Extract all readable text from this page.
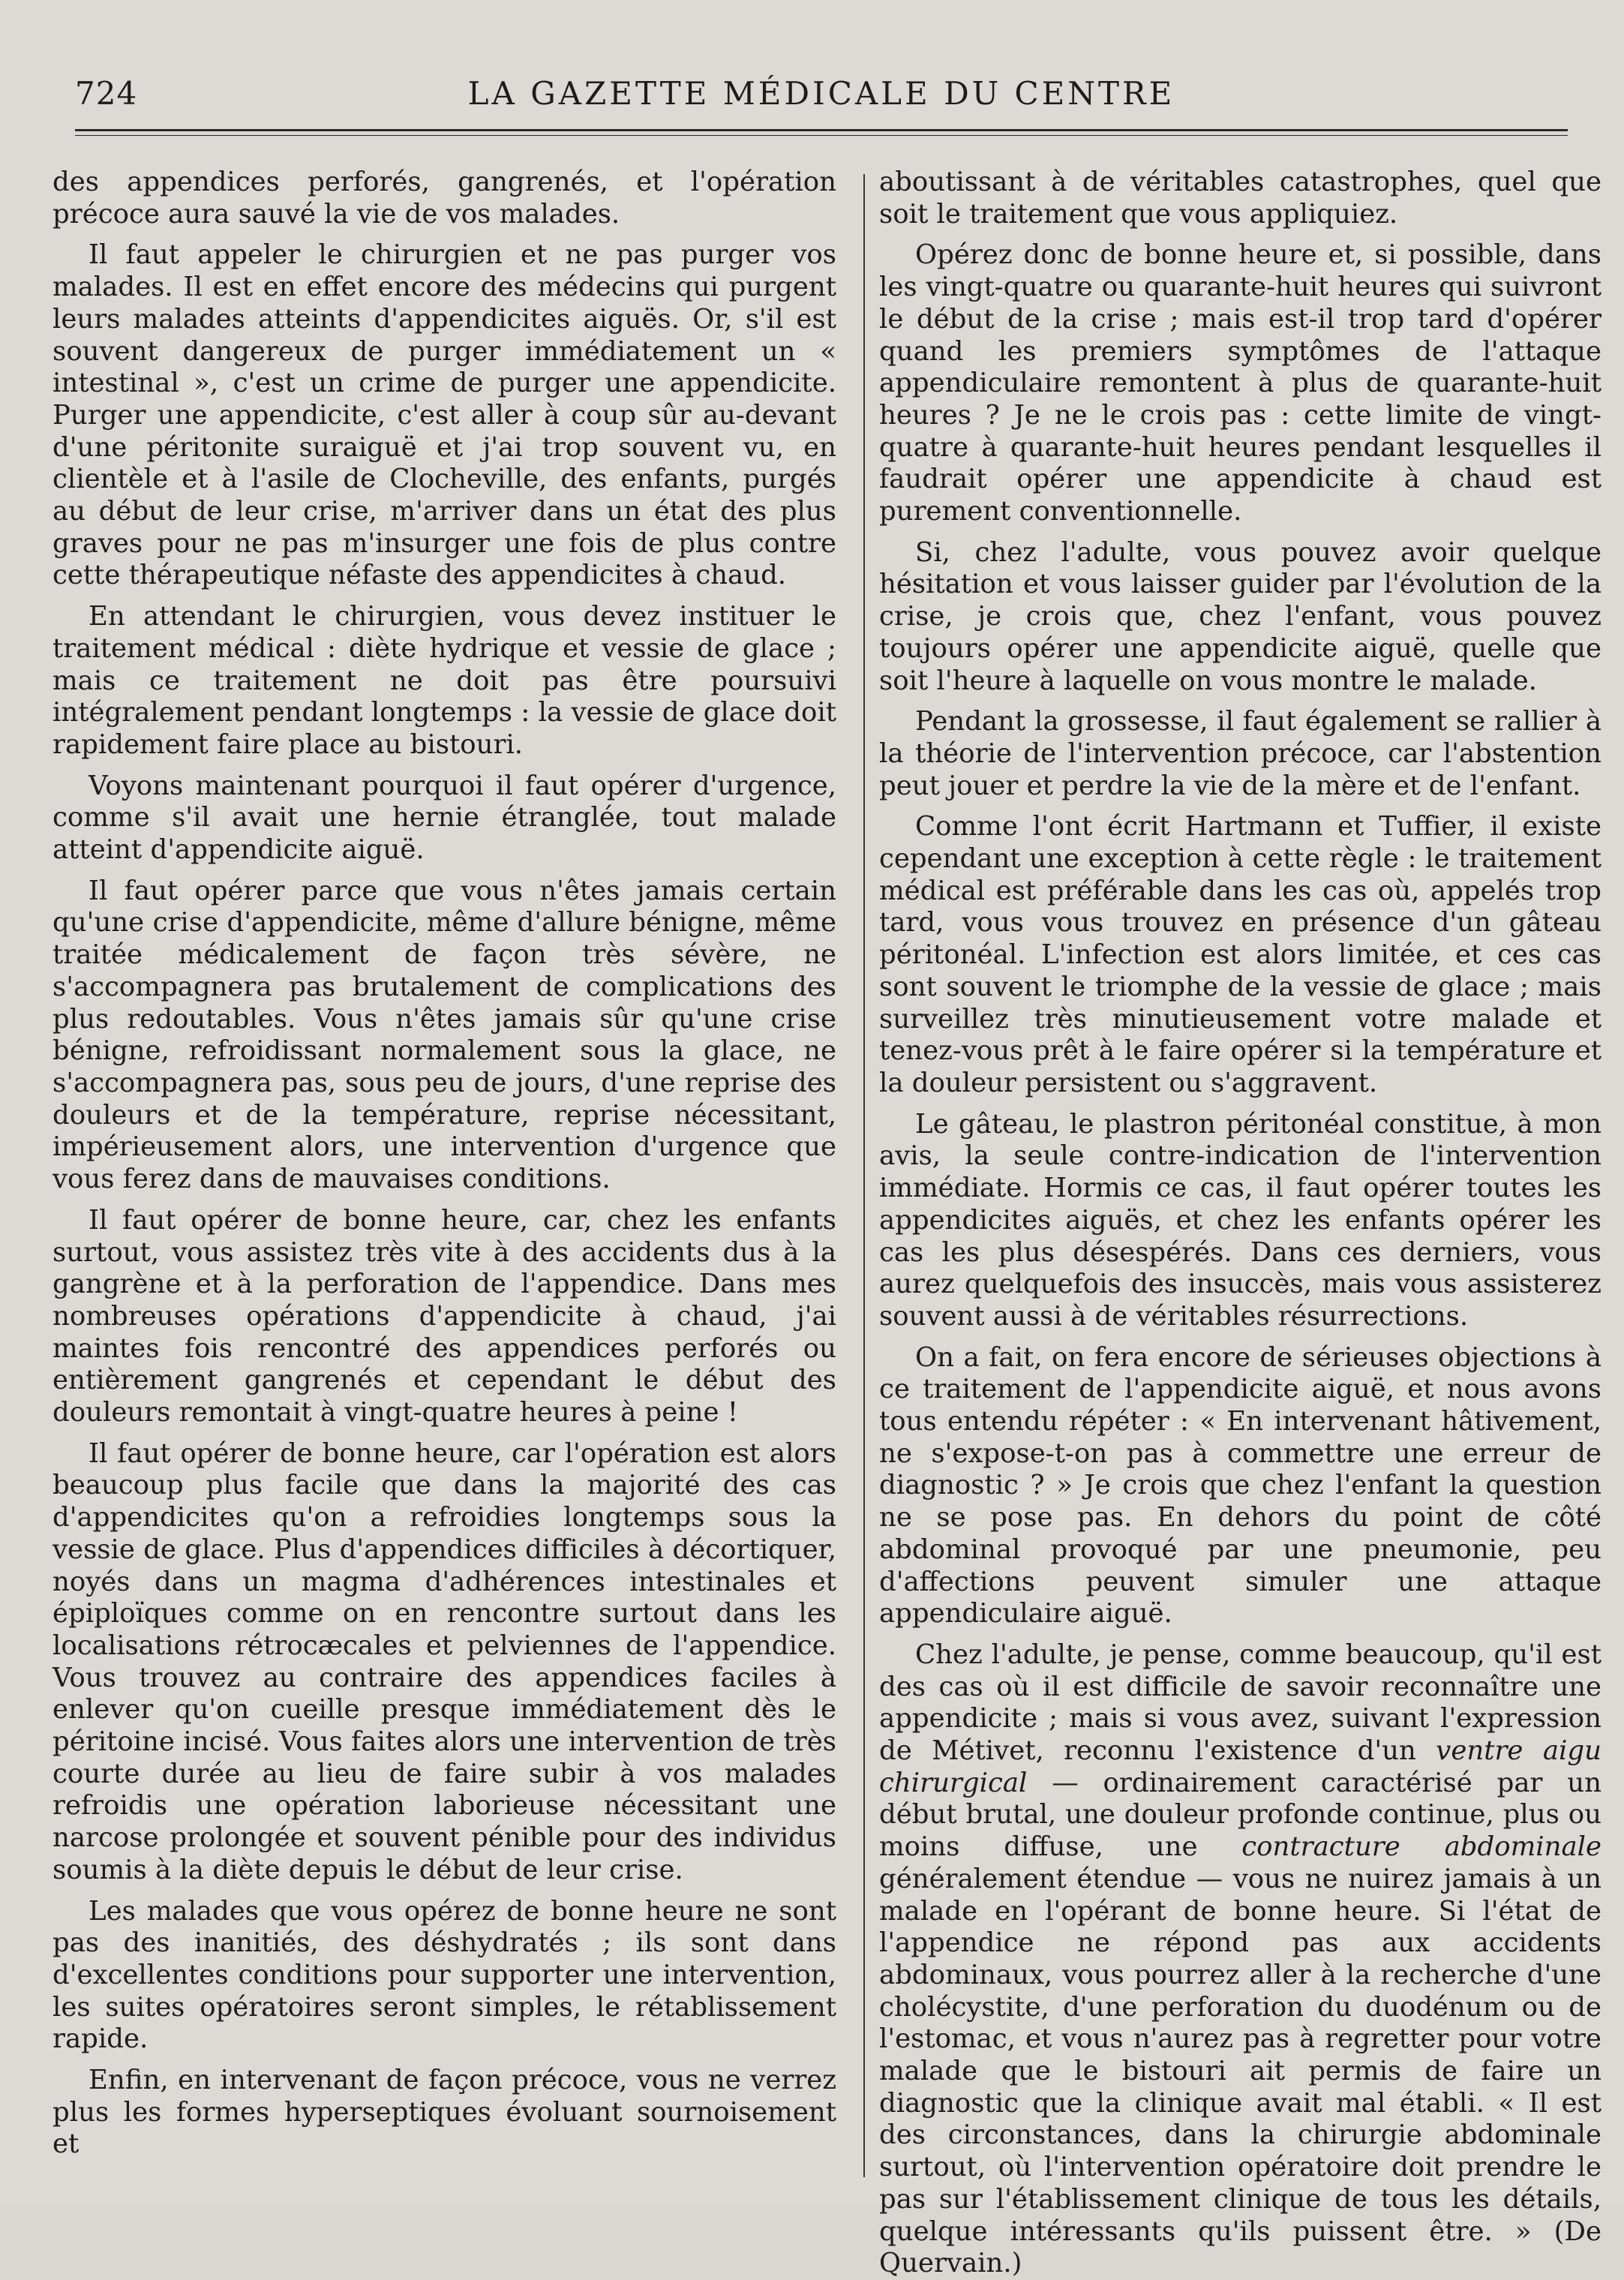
724	LA GAZETTE MÉDICALE DU CENTRE

des appendices perforés, gangrenés, et l'opération précoce aura sauvé la vie de vos malades.

Il faut appeler le chirurgien et ne pas purger vos malades. Il est en effet encore des médecins qui purgent leurs malades atteints d'appendicites aiguës. Or, s'il est souvent dangereux de purger immédiatement un « intestinal », c'est un crime de purger une appendicite. Purger une appendicite, c'est aller à coup sûr au-devant d'une péritonite suraiguë et j'ai trop souvent vu, en clientèle et à l'asile de Clocheville, des enfants, purgés au début de leur crise, m'arriver dans un état des plus graves pour ne pas m'insurger une fois de plus contre cette thérapeutique néfaste des appendicites à chaud.

En attendant le chirurgien, vous devez instituer le traitement médical : diète hydrique et vessie de glace ; mais ce traitement ne doit pas être poursuivi intégralement pendant longtemps : la vessie de glace doit rapidement faire place au bistouri.

Voyons maintenant pourquoi il faut opérer d'urgence, comme s'il avait une hernie étranglée, tout malade atteint d'appendicite aiguë.

Il faut opérer parce que vous n'êtes jamais certain qu'une crise d'appendicite, même d'allure bénigne, même traitée médicalement de façon très sévère, ne s'accompagnera pas brutalement de complications des plus redoutables. Vous n'êtes jamais sûr qu'une crise bénigne, refroidissant normalement sous la glace, ne s'accompagnera pas, sous peu de jours, d'une reprise des douleurs et de la température, reprise nécessitant, impérieusement alors, une intervention d'urgence que vous ferez dans de mauvaises conditions.

Il faut opérer de bonne heure, car, chez les enfants surtout, vous assistez très vite à des accidents dus à la gangrène et à la perforation de l'appendice. Dans mes nombreuses opérations d'appendicite à chaud, j'ai maintes fois rencontré des appendices perforés ou entièrement gangrenés et cependant le début des douleurs remontait à vingt-quatre heures à peine !

Il faut opérer de bonne heure, car l'opération est alors beaucoup plus facile que dans la majorité des cas d'appendicites qu'on a refroidies longtemps sous la vessie de glace. Plus d'appendices difficiles à décortiquer, noyés dans un magma d'adhérences intestinales et épiploïques comme on en rencontre surtout dans les localisations rétrocæcales et pelviennes de l'appendice. Vous trouvez au contraire des appendices faciles à enlever qu'on cueille presque immédiatement dès le péritoine incisé. Vous faites alors une intervention de très courte durée au lieu de faire subir à vos malades refroidis une opération laborieuse nécessitant une narcose prolongée et souvent pénible pour des individus soumis à la diète depuis le début de leur crise.

Les malades que vous opérez de bonne heure ne sont pas des inanitiés, des déshydratés ; ils sont dans d'excellentes conditions pour supporter une intervention, les suites opératoires seront simples, le rétablissement rapide.

Enfin, en intervenant de façon précoce, vous ne verrez plus les formes hyperseptiques évoluant sournoisement et

aboutissant à de véritables catastrophes, quel que soit le traitement que vous appliquiez.

Opérez donc de bonne heure et, si possible, dans les vingt-quatre ou quarante-huit heures qui suivront le début de la crise ; mais est-il trop tard d'opérer quand les premiers symptômes de l'attaque appendiculaire remontent à plus de quarante-huit heures ? Je ne le crois pas : cette limite de vingt-quatre à quarante-huit heures pendant lesquelles il faudrait opérer une appendicite à chaud est purement conventionnelle.

Si, chez l'adulte, vous pouvez avoir quelque hésitation et vous laisser guider par l'évolution de la crise, je crois que, chez l'enfant, vous pouvez toujours opérer une appendicite aiguë, quelle que soit l'heure à laquelle on vous montre le malade.

Pendant la grossesse, il faut également se rallier à la théorie de l'intervention précoce, car l'abstention peut jouer et perdre la vie de la mère et de l'enfant.

Comme l'ont écrit Hartmann et Tuffier, il existe cependant une exception à cette règle : le traitement médical est préférable dans les cas où, appelés trop tard, vous vous trouvez en présence d'un gâteau péritonéal. L'infection est alors limitée, et ces cas sont souvent le triomphe de la vessie de glace ; mais surveillez très minutieusement votre malade et tenez-vous prêt à le faire opérer si la température et la douleur persistent ou s'aggravent.

Le gâteau, le plastron péritonéal constitue, à mon avis, la seule contre-indication de l'intervention immédiate. Hormis ce cas, il faut opérer toutes les appendicites aiguës, et chez les enfants opérer les cas les plus désespérés. Dans ces derniers, vous aurez quelquefois des insuccès, mais vous assisterez souvent aussi à de véritables résurrections.

On a fait, on fera encore de sérieuses objections à ce traitement de l'appendicite aiguë, et nous avons tous entendu répéter : « En intervenant hâtivement, ne s'expose-t-on pas à commettre une erreur de diagnostic ? » Je crois que chez l'enfant la question ne se pose pas. En dehors du point de côté abdominal provoqué par une pneumonie, peu d'affections peuvent simuler une attaque appendiculaire aiguë.

Chez l'adulte, je pense, comme beaucoup, qu'il est des cas où il est difficile de savoir reconnaître une appendicite ; mais si vous avez, suivant l'expression de Métivet, reconnu l'existence d'un ventre aigu chirurgical — ordinairement caractérisé par un début brutal, une douleur profonde continue, plus ou moins diffuse, une contracture abdominale généralement étendue — vous ne nuirez jamais à un malade en l'opérant de bonne heure. Si l'état de l'appendice ne répond pas aux accidents abdominaux, vous pourrez aller à la recherche d'une cholécystite, d'une perforation du duodénum ou de l'estomac, et vous n'aurez pas à regretter pour votre malade que le bistouri ait permis de faire un diagnostic que la clinique avait mal établi. « Il est des circonstances, dans la chirurgie abdominale surtout, où l'intervention opératoire doit prendre le pas sur l'établissement clinique de tous les détails, quelque intéressants qu'ils puissent être. » (De Quervain.)
